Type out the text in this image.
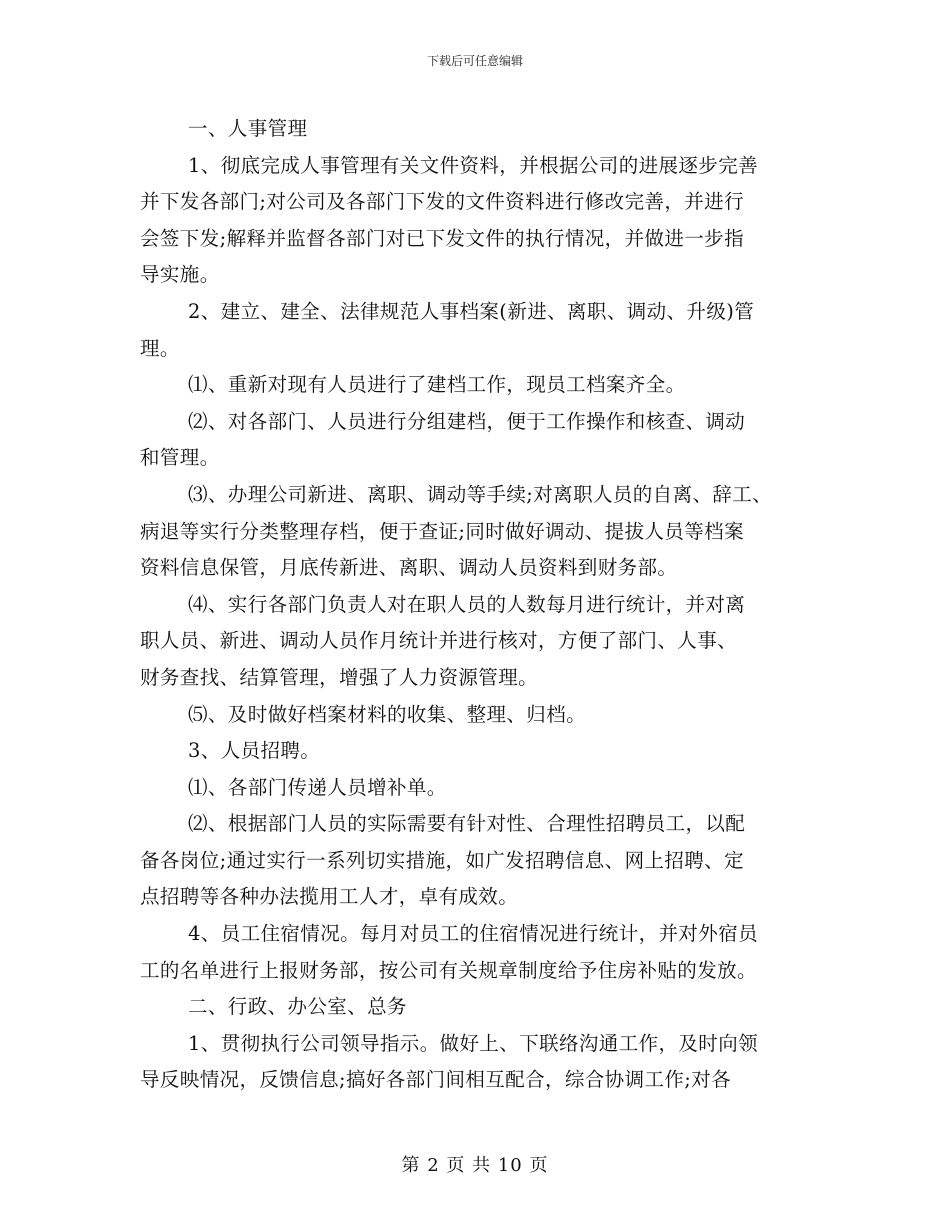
下载后可任意编辑
一、人事管理
1、彻底完成人事管理有关文件资料，并根据公司的进展逐步完善
并下发各部门;对公司及各部门下发的文件资料进行修改完善，并进行
会签下发;解释并监督各部门对已下发文件的执行情况，并做进一步指
导实施。
2、建立、建全、法律规范人事档案(新进、离职、调动、升级)管
理。
⑴、重新对现有人员进行了建档工作，现员工档案齐全。
⑵、对各部门、人员进行分组建档，便于工作操作和核查、调动
和管理。
⑶、办理公司新进、离职、调动等手续;对离职人员的自离、辞工、
病退等实行分类整理存档，便于查证;同时做好调动、提拔人员等档案
资料信息保管，月底传新进、离职、调动人员资料到财务部。
⑷、实行各部门负责人对在职人员的人数每月进行统计，并对离
职人员、新进、调动人员作月统计并进行核对，方便了部门、人事、
财务查找、结算管理，增强了人力资源管理。
⑸、及时做好档案材料的收集、整理、归档。
3、人员招聘。
⑴、各部门传递人员增补单。
⑵、根据部门人员的实际需要有针对性、合理性招聘员工，以配
备各岗位;通过实行一系列切实措施，如广发招聘信息、网上招聘、定
点招聘等各种办法揽用工人才，卓有成效。
4、员工住宿情况。每月对员工的住宿情况进行统计，并对外宿员
工的名单进行上报财务部，按公司有关规章制度给予住房补贴的发放。
二、行政、办公室、总务
1、贯彻执行公司领导指示。做好上、下联络沟通工作，及时向领
导反映情况，反馈信息;搞好各部门间相互配合，综合协调工作;对各
第 2 页 共 10 页
